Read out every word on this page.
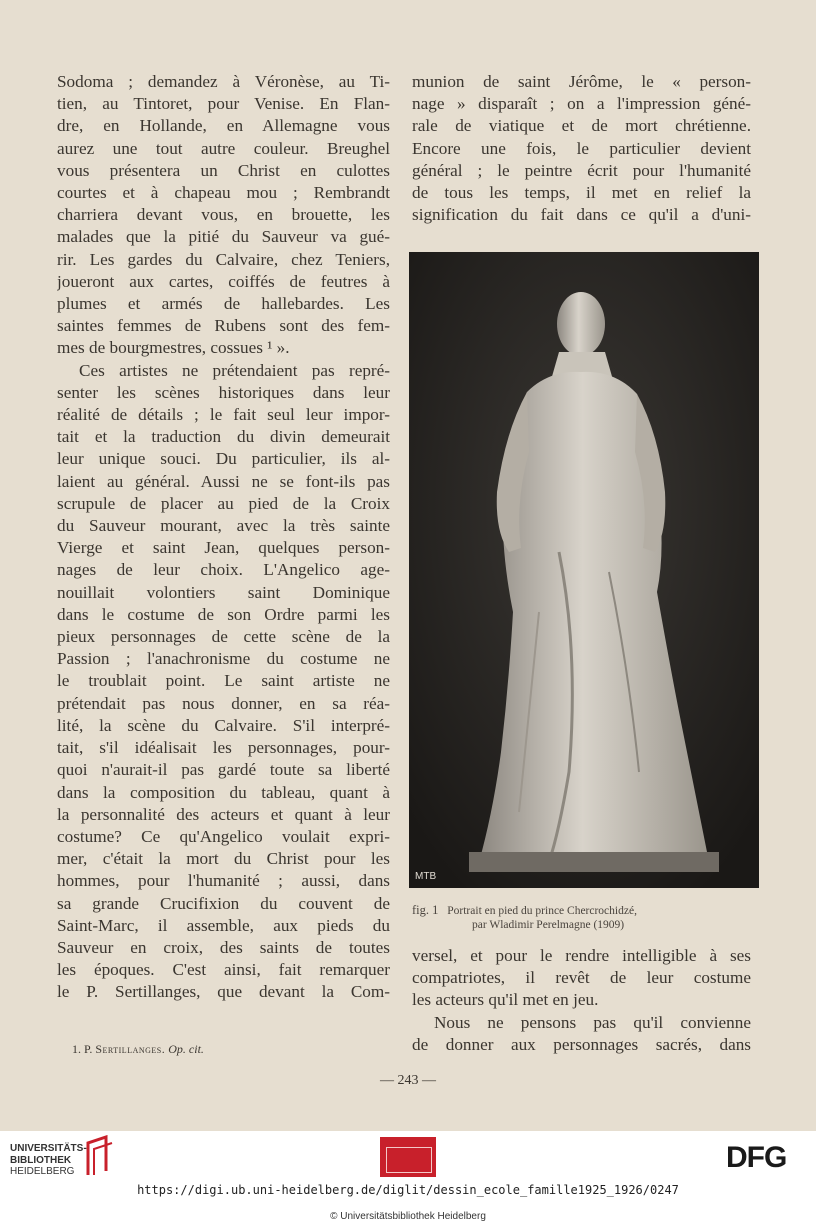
Sodoma ; demandez à Véronèse, au Ti-
tien, au Tintoret, pour Venise. En Flan-
dre, en Hollande, en Allemagne vous
aurez une tout autre couleur. Breughel
vous présentera un Christ en culottes
courtes et à chapeau mou ; Rembrandt
charriera devant vous, en brouette, les
malades que la pitié du Sauveur va gué-
rir. Les gardes du Calvaire, chez Teniers,
joueront aux cartes, coiffés de feutres à
plumes et armés de hallebardes. Les
saintes femmes de Rubens sont des fem-
mes de bourgmestres, cossues ¹ ».
Ces artistes ne prétendaient pas repré-
senter les scènes historiques dans leur
réalité de détails ; le fait seul leur impor-
tait et la traduction du divin demeurait
leur unique souci. Du particulier, ils al-
laient au général. Aussi ne se font-ils pas
scrupule de placer au pied de la Croix
du Sauveur mourant, avec la très sainte
Vierge et saint Jean, quelques person-
nages de leur choix. L'Angelico age-
nouillait volontiers saint Dominique
dans le costume de son Ordre parmi les
pieux personnages de cette scène de la
Passion ; l'anachronisme du costume ne
le troublait point. Le saint artiste ne
prétendait pas nous donner, en sa réa-
lité, la scène du Calvaire. S'il interpré-
tait, s'il idéalisait les personnages, pour-
quoi n'aurait-il pas gardé toute sa liberté
dans la composition du tableau, quant à
la personnalité des acteurs et quant à leur
costume? Ce qu'Angelico voulait expri-
mer, c'était la mort du Christ pour les
hommes, pour l'humanité ; aussi, dans
sa grande Crucifixion du couvent de
Saint-Marc, il assemble, aux pieds du
Sauveur en croix, des saints de toutes
les époques. C'est ainsi, fait remarquer
le P. Sertillanges, que devant la Com-
munion de saint Jérôme, le « person-
nage » disparaît ; on a l'impression géné-
rale de viatique et de mort chrétienne.
Encore une fois, le particulier devient
général ; le peintre écrit pour l'humanité
de tous les temps, il met en relief la
signification du fait dans ce qu'il a d'uni-
MTB
fig. 1 Portrait en pied du prince Chercrochidzé,
par Wladimir Perelmagne (1909)
versel, et pour le rendre intelligible à ses
compatriotes, il revêt de leur costume
les acteurs qu'il met en jeu.
Nous ne pensons pas qu'il convienne
de donner aux personnages sacrés, dans
1. P. Sertillanges. Op. cit.
— 243 —
UNIVERSITÄTS-
BIBLIOTHEK
HEIDELBERG	DFG
https://digi.ub.uni-heidelberg.de/diglit/dessin_ecole_famille1925_1926/0247
© Universitätsbibliothek Heidelberg
